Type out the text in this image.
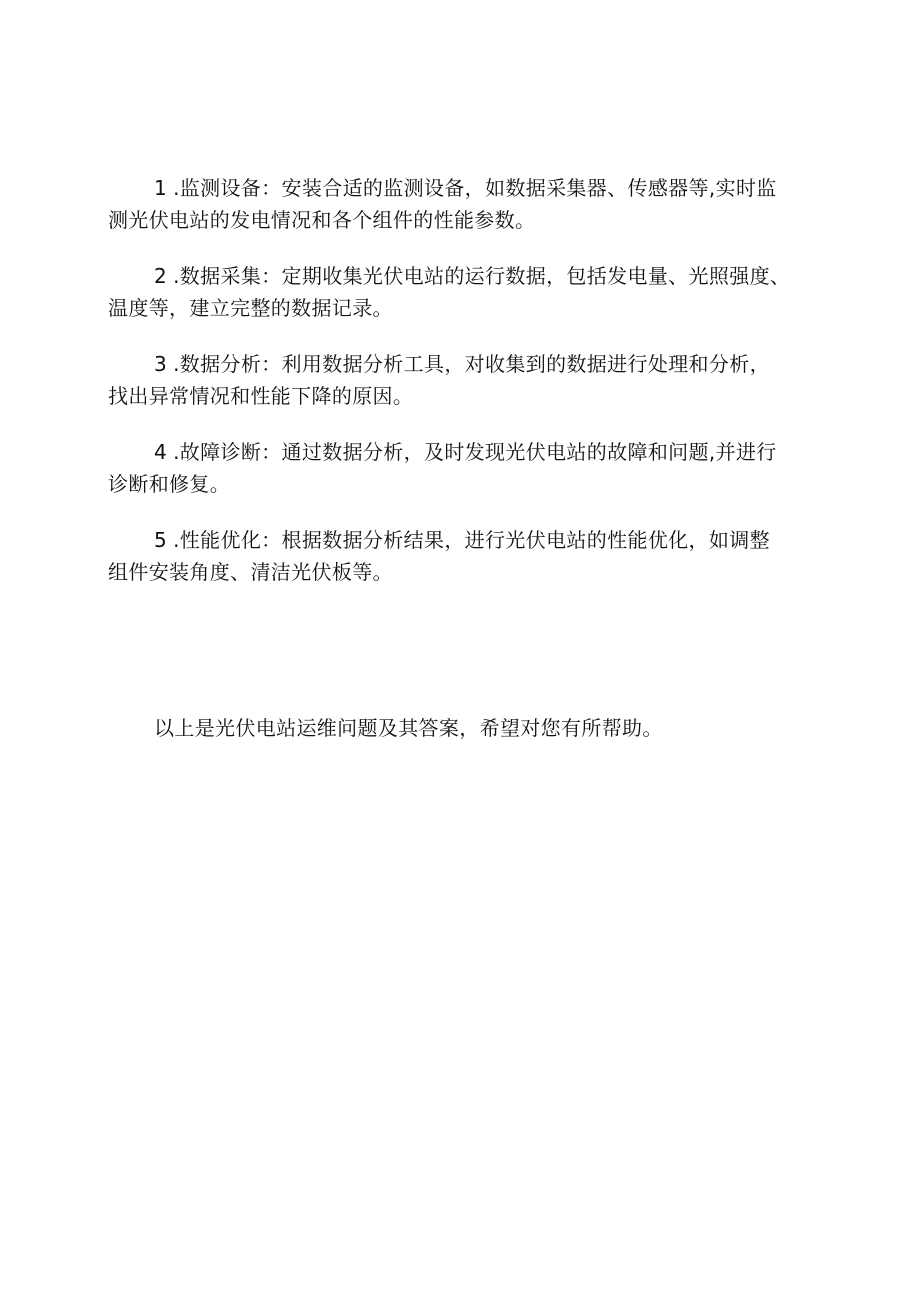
1 .监测设备：安装合适的监测设备，如数据采集器、传感器等,实时监
测光伏电站的发电情况和各个组件的性能参数。
2 .数据采集：定期收集光伏电站的运行数据，包括发电量、光照强度、
温度等，建立完整的数据记录。
3 .数据分析：利用数据分析工具，对收集到的数据进行处理和分析，
找出异常情况和性能下降的原因。
4 .故障诊断：通过数据分析，及时发现光伏电站的故障和问题,并进行
诊断和修复。
5 .性能优化：根据数据分析结果，进行光伏电站的性能优化，如调整
组件安装角度、清洁光伏板等。
以上是光伏电站运维问题及其答案，希望对您有所帮助。
